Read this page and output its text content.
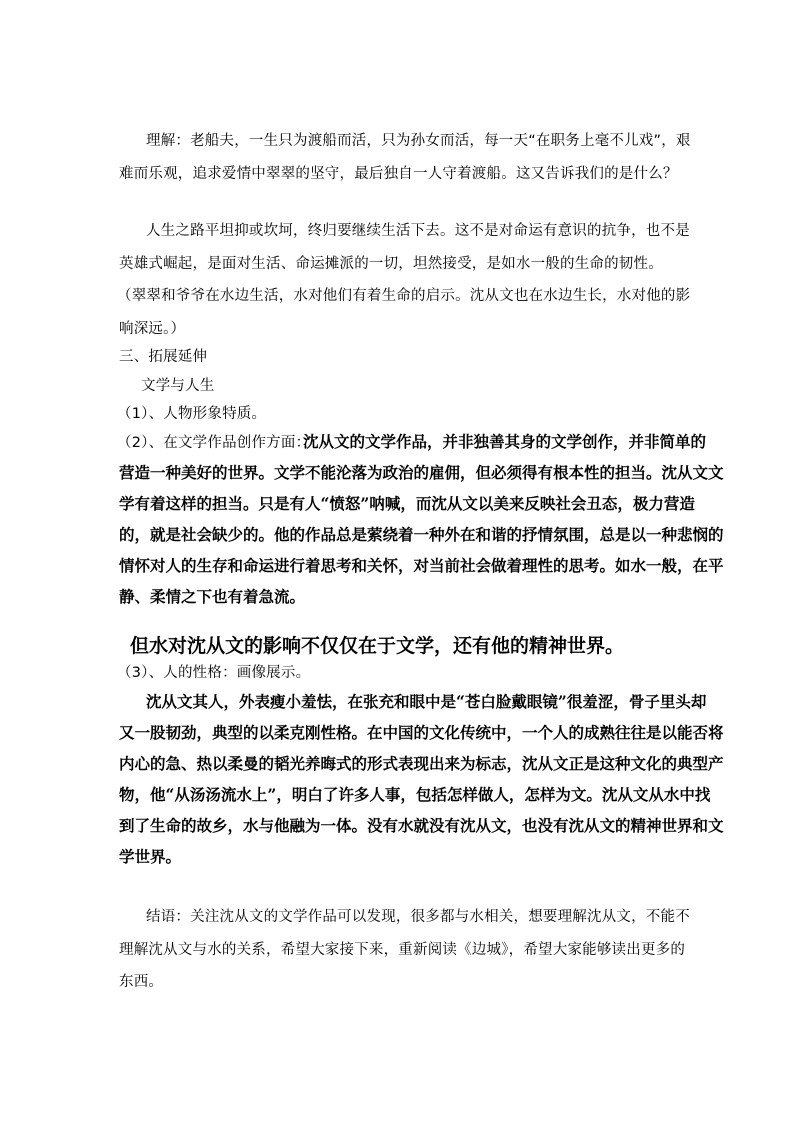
理解：老船夫，一生只为渡船而活，只为孙女而活，每一天“在职务上毫不儿戏”，艰

难而乐观，追求爱情中翠翠的坚守，最后独自一人守着渡船。这又告诉我们的是什么？

人生之路平坦抑或坎坷，终归要继续生活下去。这不是对命运有意识的抗争，也不是

英雄式崛起，是面对生活、命运摊派的一切，坦然接受，是如水一般的生命的韧性。

（翠翠和爷爷在水边生活，水对他们有着生命的启示。沈从文也在水边生长，水对他的影

响深远。）

三、拓展延伸

文学与人生

（1）、人物形象特质。

（2）、在文学作品创作方面：

沈从文的文学作品，并非独善其身的文学创作，并非简单的

营造一种美好的世界。文学不能沦落为政治的雇佣，但必须得有根本性的担当。沈从文文

学有着这样的担当。只是有人“愤怒”呐喊，而沈从文以美来反映社会丑态，极力营造

的，就是社会缺少的。他的作品总是萦绕着一种外在和谐的抒情氛围，总是以一种悲悯的

情怀对人的生存和命运进行着思考和关怀，对当前社会做着理性的思考。如水一般，在平

静、柔情之下也有着急流。

但水对沈从文的影响不仅仅在于文学，还有他的精神世界。

（3）、人的性格：画像展示。

沈从文其人，外表瘦小羞怯，在张充和眼中是“苍白脸戴眼镜”很羞涩，骨子里头却

又一股韧劲，典型的以柔克刚性格。在中国的文化传统中，一个人的成熟往往是以能否将

内心的急、热以柔曼的韬光养晦式的形式表现出来为标志，沈从文正是这种文化的典型产

物，他“从汤汤流水上”，明白了许多人事，包括怎样做人，怎样为文。沈从文从水中找

到了生命的故乡，水与他融为一体。没有水就没有沈从文，也没有沈从文的精神世界和文

学世界。

结语：关注沈从文的文学作品可以发现，很多都与水相关，想要理解沈从文，不能不

理解沈从文与水的关系，希望大家接下来，重新阅读《边城》，希望大家能够读出更多的

东西。
